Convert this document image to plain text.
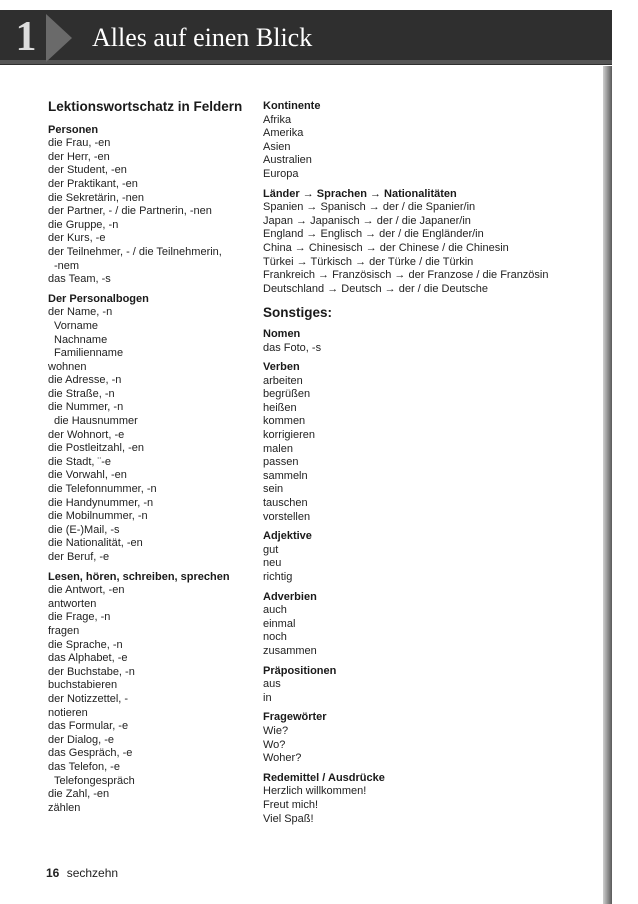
1	Alles auf einen Blick
Lektionswortschatz in Feldern
Personen
die Frau, -en
der Herr, -en
der Student, -en
der Praktikant, -en
die Sekretärin, -nen
der Partner, - / die Partnerin, -nen
die Gruppe, -n
der Kurs, -e
der Teilnehmer, - / die Teilnehmerin,
-nem
das Team, -s
Der Personalbogen
der Name, -n
Vorname
Nachname
Familienname
wohnen
die Adresse, -n
die Straße, -n
die Nummer, -n
die Hausnummer
der Wohnort, -e
die Postleitzahl, -en
die Stadt, ¨-e
die Vorwahl, -en
die Telefonnummer, -n
die Handynummer, -n
die Mobilnummer, -n
die (E-)Mail, -s
die Nationalität, -en
der Beruf, -e
Lesen, hören, schreiben, sprechen
die Antwort, -en
antworten
die Frage, -n
fragen
die Sprache, -n
das Alphabet, -e
der Buchstabe, -n
buchstabieren
der Notizzettel, -
notieren
das Formular, -e
der Dialog, -e
das Gespräch, -e
das Telefon, -e
Telefongespräch
die Zahl, -en
zählen
Kontinente
Afrika
Amerika
Asien
Australien
Europa
Länder → Sprachen → Nationalitäten
Spanien → Spanisch → der / die Spanier/in
Japan → Japanisch → der / die Japaner/in
England → Englisch → der / die Engländer/in
China → Chinesisch → der Chinese / die Chinesin
Türkei → Türkisch → der Türke / die Türkin
Frankreich → Französisch → der Franzose / die Französin
Deutschland → Deutsch → der / die Deutsche
Sonstiges:
Nomen
das Foto, -s
Verben
arbeiten
begrüßen
heißen
kommen
korrigieren
malen
passen
sammeln
sein
tauschen
vorstellen
Adjektive
gut
neu
richtig
Adverbien
auch
einmal
noch
zusammen
Präpositionen
aus
in
Fragewörter
Wie?
Wo?
Woher?
Redemittel / Ausdrücke
Herzlich willkommen!
Freut mich!
Viel Spaß!
16 sechzehn
